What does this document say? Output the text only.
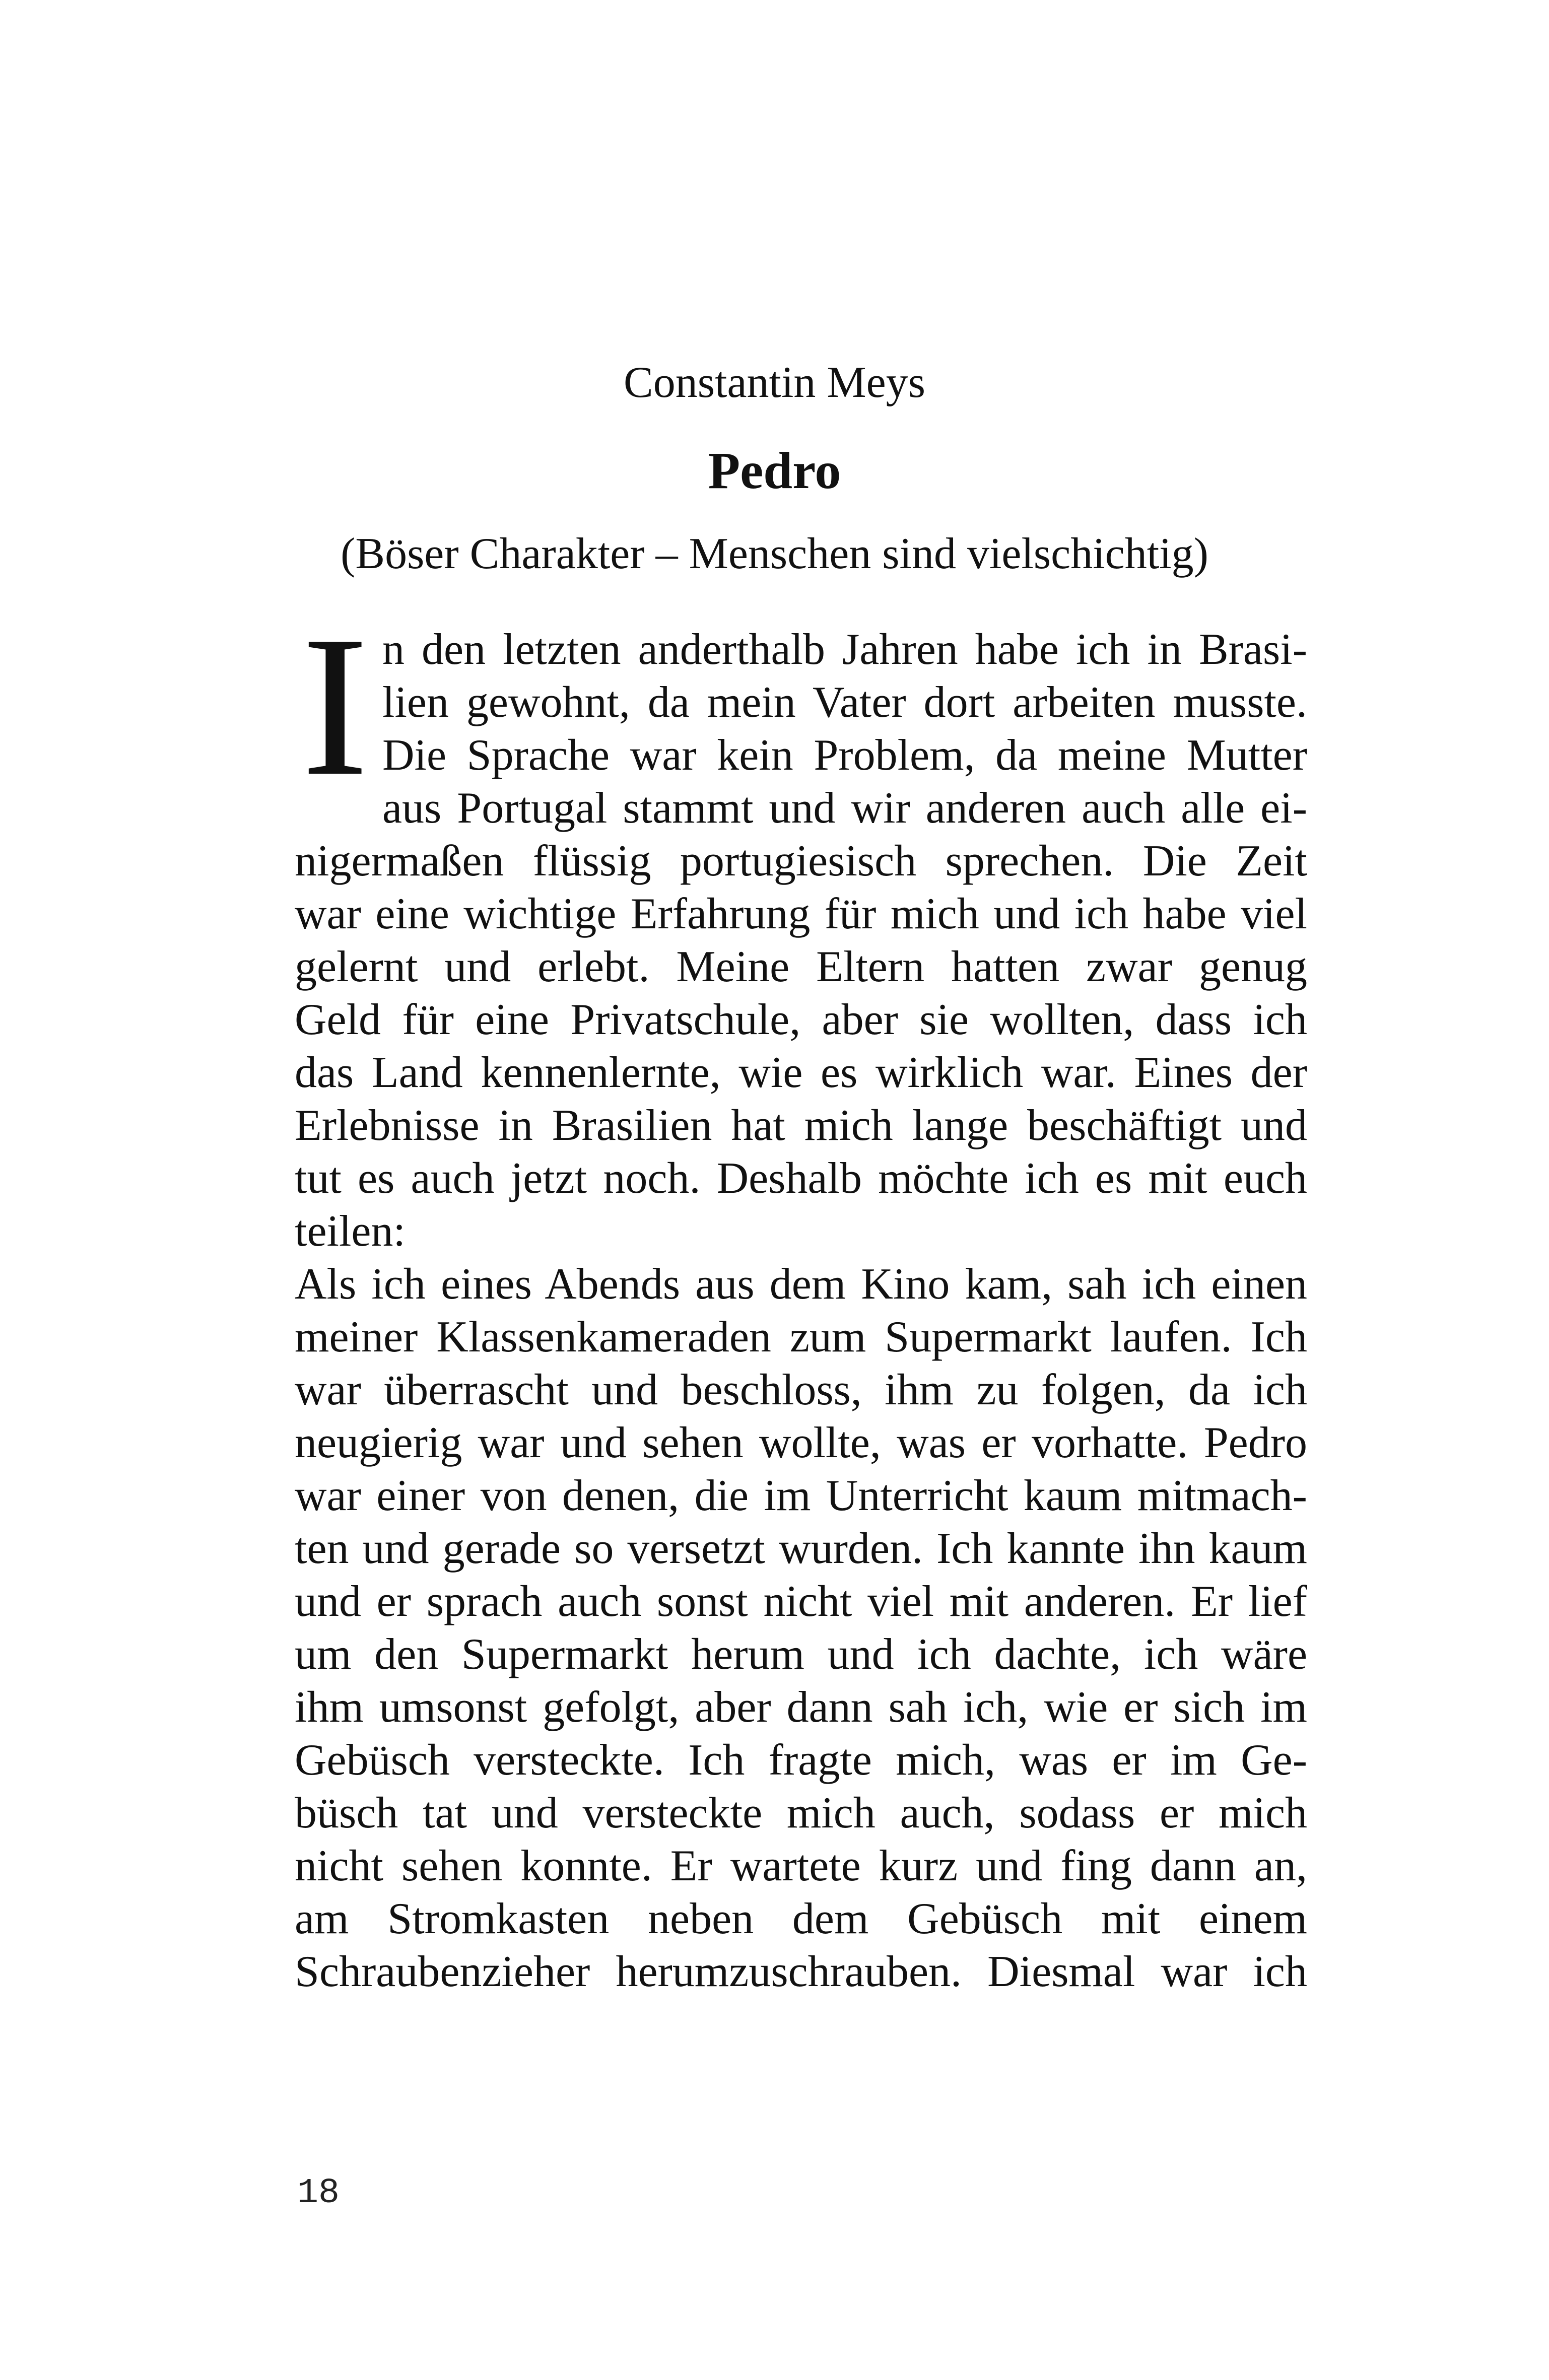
Constantin Meys
Pedro
(Böser Charakter – Menschen sind vielschichtig)
I n den letzten anderthalb Jahren habe ich in Brasi-
lien gewohnt, da mein Vater dort arbeiten musste.
Die Sprache war kein Problem, da meine Mutter
aus Portugal stammt und wir anderen auch alle ei-
nigermaßen flüssig portugiesisch sprechen. Die Zeit
war eine wichtige Erfahrung für mich und ich habe viel
gelernt und erlebt. Meine Eltern hatten zwar genug
Geld für eine Privatschule, aber sie wollten, dass ich
das Land kennenlernte, wie es wirklich war. Eines der
Erlebnisse in Brasilien hat mich lange beschäftigt und
tut es auch jetzt noch. Deshalb möchte ich es mit euch
teilen:
Als ich eines Abends aus dem Kino kam, sah ich einen
meiner Klassenkameraden zum Supermarkt laufen. Ich
war überrascht und beschloss, ihm zu folgen, da ich
neugierig war und sehen wollte, was er vorhatte. Pedro
war einer von denen, die im Unterricht kaum mitmach-
ten und gerade so versetzt wurden. Ich kannte ihn kaum
und er sprach auch sonst nicht viel mit anderen. Er lief
um den Supermarkt herum und ich dachte, ich wäre
ihm umsonst gefolgt, aber dann sah ich, wie er sich im
Gebüsch versteckte. Ich fragte mich, was er im Ge-
büsch tat und versteckte mich auch, sodass er mich
nicht sehen konnte. Er wartete kurz und fing dann an,
am Stromkasten neben dem Gebüsch mit einem
Schraubenzieher herumzuschrauben. Diesmal war ich
18
